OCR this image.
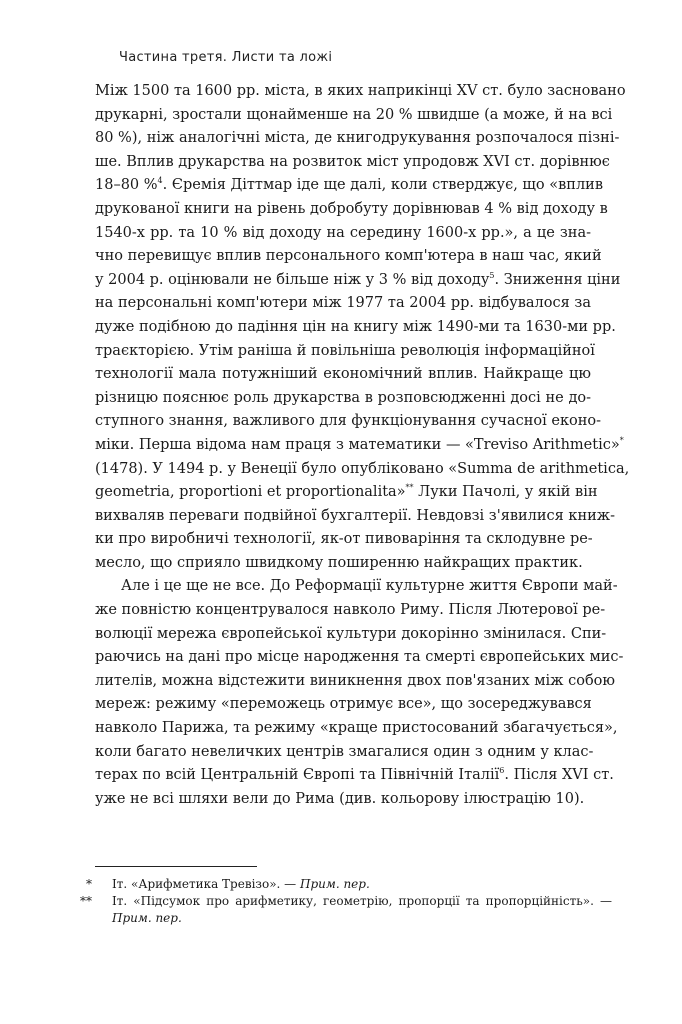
Частина третя. Листи та ложі

Між 1500 та 1600 рр. міста, в яких наприкінці XV ст. було засновано
друкарні, зростали щонайменше на 20 % швидше (а може, й на всі
80 %), ніж аналогічні міста, де книгодрукування розпочалося пізні-
ше. Вплив друкарства на розвиток міст упродовж XVI ст. дорівнює
18–80 %$^4$. Єремія Діттмар іде ще далі, коли стверджує, що «вплив
друкованої книги на рівень добробуту дорівнював 4 % від доходу в
1540-х рр. та 10 % від доходу на середину 1600-х рр.», а це зна-
чно перевищує вплив персонального комп'ютера в наш час, який
у 2004 р. оцінювали не більше ніж у 3 % від доходу$^5$. Зниження ціни
на персональні комп'ютери між 1977 та 2004 рр. відбувалося за
дуже подібною до падіння цін на книгу між 1490-ми та 1630-ми рр.
траєкторією. Утім раніша й повільніша революція інформаційної
технології мала потужніший економічний вплив. Найкраще цю
різницю пояснює роль друкарства в розповсюдженні досі не до-
ступного знання, важливого для функціонування сучасної еконо-
міки. Перша відома нам праця з математики — «Treviso Arithmetic»*
(1478). У 1494 р. у Венеції було опубліковано «Summa de arithmetica,
geometria, proportioni et proportionalita»** Луки Пачолі, у якій він
вихваляв переваги подвійної бухгалтерії. Невдовзі з'явилися книж-
ки про виробничі технології, як-от пивоваріння та склодувне ре-
месло, що сприяло швидкому поширенню найкращих практик.

Але і це ще не все. До Реформації культурне життя Європи май-
же повністю концентрувалося навколо Риму. Після Лютерової ре-
волюції мережа європейської культури докорінно змінилася. Спи-
раючись на дані про місце народження та смерті європейських мис-
лителів, можна відстежити виникнення двох пов'язаних між собою
мереж: режиму «переможець отримує все», що зосереджувався
навколо Парижа, та режиму «краще пристосований збагачується»,
коли багато невеличких центрів змагалися один з одним у клас-
терах по всій Центральній Європі та Північній Італії$^6$. Після XVI ст.
уже не всі шляхи вели до Рима (див. кольорову ілюстрацію 10).

* Іт. «Арифметика Тревізо». — Прим. пер.

** Іт. «Підсумок про арифметику, геометрію, пропорції та пропорційність». —
Прим. пер.
